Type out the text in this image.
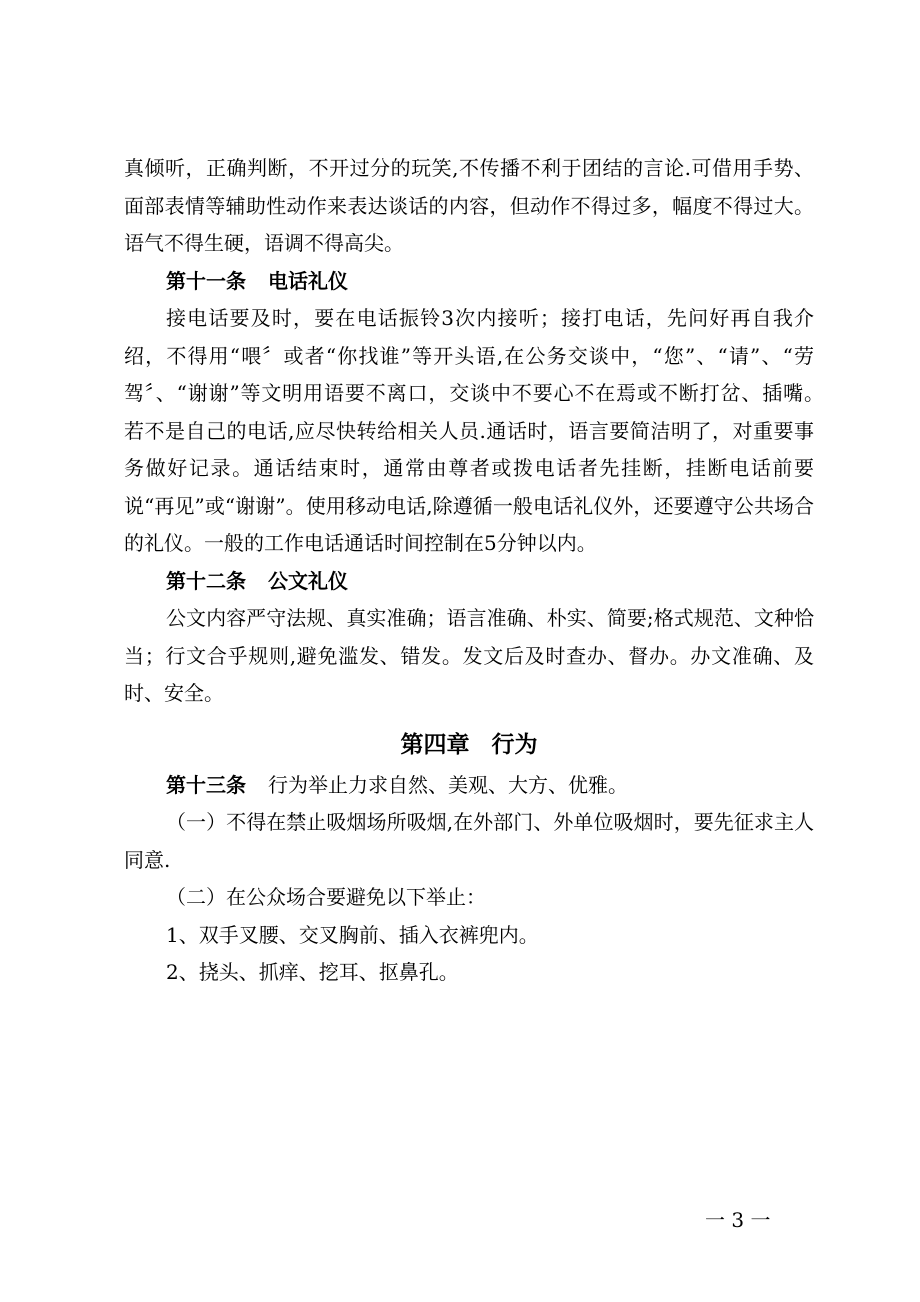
真倾听，正确判断，不开过分的玩笑,不传播不利于团结的言论.可借用手势、面部表情等辅助性动作来表达谈话的内容，但动作不得过多，幅度不得过大。语气不得生硬，语调不得高尖。

第十一条 电话礼仪

接电话要及时，要在电话振铃3次内接听；接打电话，先问好再自我介绍，不得用“喂〞或者“你找谁”等开头语,在公务交谈中，“您”、“请”、“劳驾〞、“谢谢”等文明用语要不离口，交谈中不要心不在焉或不断打岔、插嘴。　若不是自己的电话,应尽快转给相关人员.通话时，语言要简洁明了，对重要事务做好记录。通话结束时，通常由尊者或拨电话者先挂断，挂断电话前要说“再见”或“谢谢”。使用移动电话,除遵循一般电话礼仪外，还要遵守公共场合的礼仪。一般的工作电话通话时间控制在5分钟以内。

第十二条 公文礼仪

公文内容严守法规、真实准确；语言准确、朴实、简要;格式规范、文种恰当；行文合乎规则,避免滥发、错发。发文后及时查办、督办。办文准确、及时、安全。

第四章 行为

第十三条 行为举止力求自然、美观、大方、优雅。

（一）不得在禁止吸烟场所吸烟,在外部门、外单位吸烟时，要先征求主人同意.

（二）在公众场合要避免以下举止：

1、双手叉腰、交叉胸前、插入衣裤兜内。

2、挠头、抓痒、挖耳、抠鼻孔。

一 3 一
